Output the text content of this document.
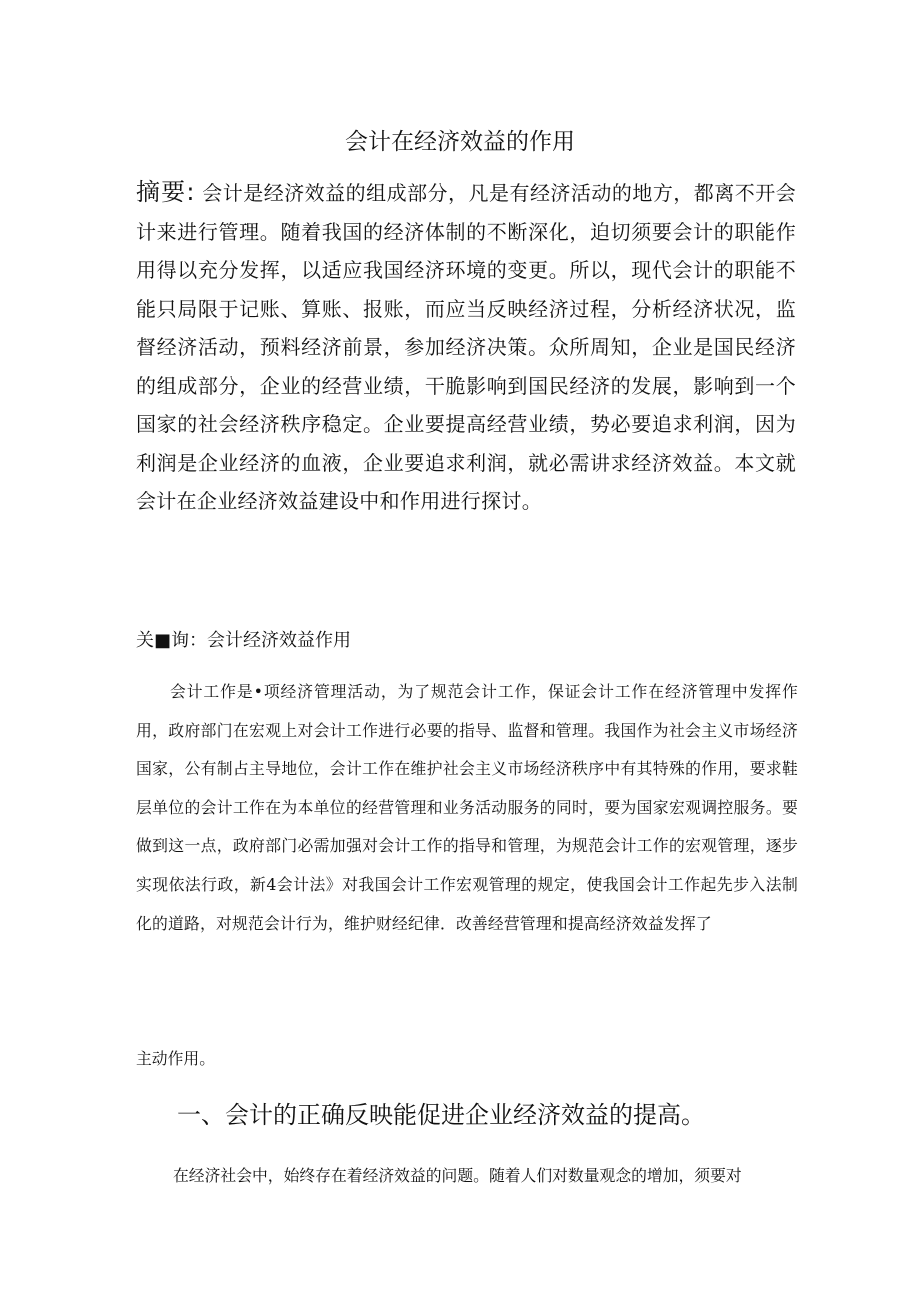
会计在经济效益的作用
摘要: 会计是经济效益的组成部分，凡是有经济活动的地方，都离不开会计来进行管理。随着我国的经济体制的不断深化，迫切须要会计的职能作用得以充分发挥，以适应我国经济环境的变更。所以，现代会计的职能不能只局限于记账、算账、报账，而应当反映经济过程，分析经济状况，监督经济活动，预料经济前景，参加经济决策。众所周知，企业是国民经济的组成部分，企业的经营业绩，干脆影响到国民经济的发展，影响到一个国家的社会经济秩序稳定。企业要提高经营业绩，势必要追求利润，因为利润是企业经济的血液，企业要追求利润，就必需讲求经济效益。本文就会计在企业经济效益建设中和作用进行探讨。
关■询：会计经济效益作用
会计工作是•项经济管理活动，为了规范会计工作，保证会计工作在经济管理中发挥作用，政府部门在宏观上对会计工作进行必要的指导、监督和管理。我国作为社会主义市场经济国家，公有制占主导地位，会计工作在维护社会主义市场经济秩序中有其特殊的作用，要求鞋层单位的会计工作在为本单位的经营管理和业务活动服务的同时，要为国家宏观调控服务。要做到这一点，政府部门必需加强对会计工作的指导和管理，为规范会计工作的宏观管理，逐步实现依法行政，新4会计法》对我国会计工作宏观管理的规定，使我国会计工作起先步入法制化的道路，对规范会计行为，维护财经纪律．改善经营管理和提高经济效益发挥了
主动作用。
一、会计的正确反映能促进企业经济效益的提高。
在经济社会中，始终存在着经济效益的问题。随着人们对数量观念的增加，须要对
